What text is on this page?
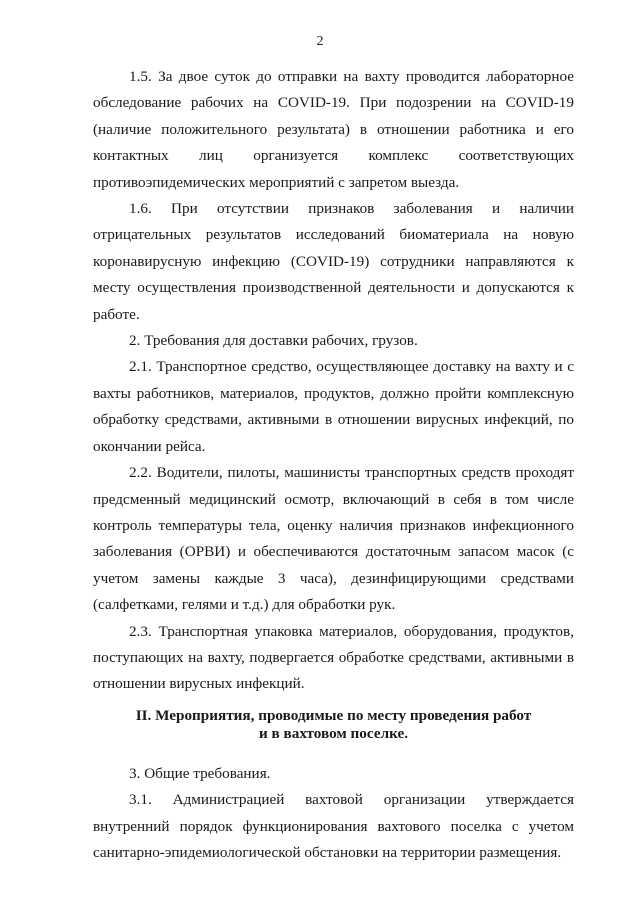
2

1.5. За двое суток до отправки на вахту проводится лабораторное обследование рабочих на COVID-19. При подозрении на COVID-19 (наличие положительного результата) в отношении работника и его контактных лиц организуется комплекс соответствующих противоэпидемических мероприятий с запретом выезда.

1.6. При отсутствии признаков заболевания и наличии отрицательных результатов исследований биоматериала на новую коронавирусную инфекцию (COVID-19) сотрудники направляются к месту осуществления производственной деятельности и допускаются к работе.

2. Требования для доставки рабочих, грузов.

2.1. Транспортное средство, осуществляющее доставку на вахту и с вахты работников, материалов, продуктов, должно пройти комплексную обработку средствами, активными в отношении вирусных инфекций, по окончании рейса.

2.2. Водители, пилоты, машинисты транспортных средств проходят предсменный медицинский осмотр, включающий в себя в том числе контроль температуры тела, оценку наличия признаков инфекционного заболевания (ОРВИ) и обеспечиваются достаточным запасом масок (с учетом замены каждые 3 часа), дезинфицирующими средствами (салфетками, гелями и т.д.) для обработки рук.

2.3. Транспортная упаковка материалов, оборудования, продуктов, поступающих на вахту, подвергается обработке средствами, активными в отношении вирусных инфекций.

II. Мероприятия, проводимые по месту проведения работ
и в вахтовом поселке.

3. Общие требования.

3.1. Администрацией вахтовой организации утверждается внутренний порядок функционирования вахтового поселка с учетом санитарно-эпидемиологической обстановки на территории размещения.
